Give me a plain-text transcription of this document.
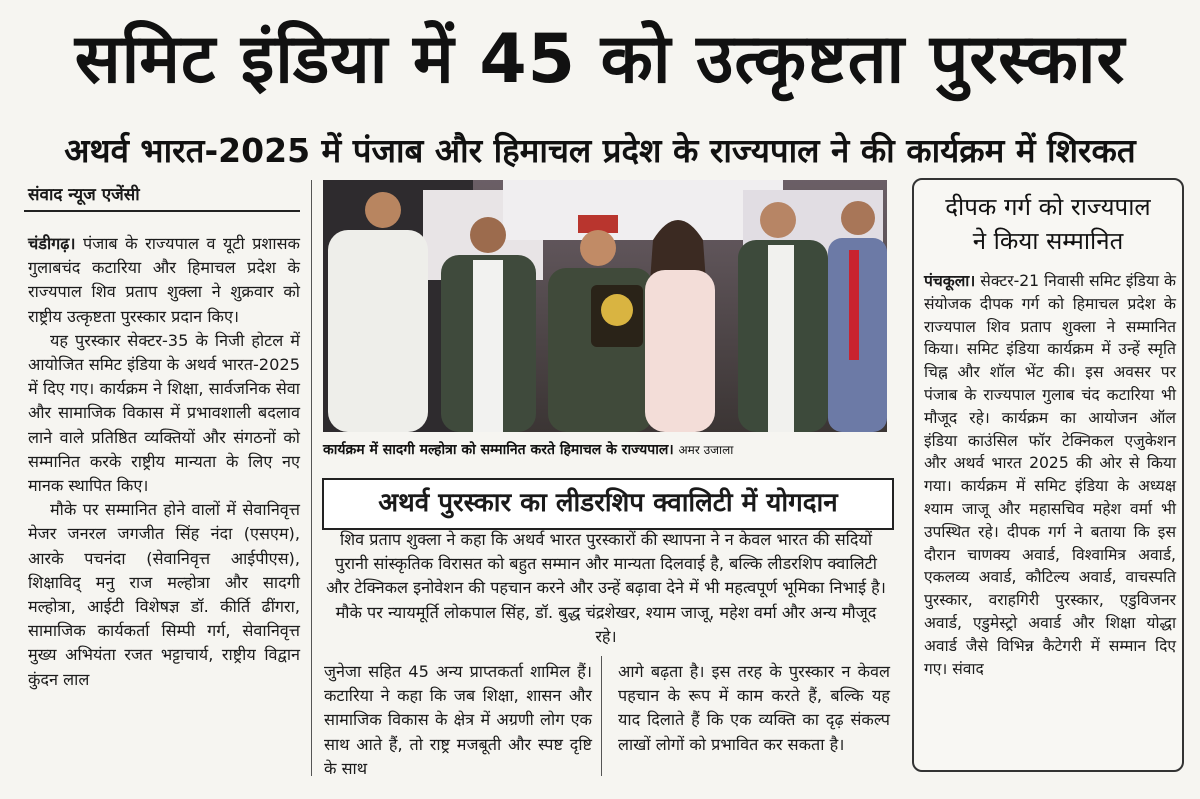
समिट इंडिया में 45 को उत्कृष्टता पुरस्कार
अथर्व भारत-2025 में पंजाब और हिमाचल प्रदेश के राज्यपाल ने की कार्यक्रम में शिरकत
संवाद न्यूज एजेंसी

चंडीगढ़। पंजाब के राज्यपाल व यूटी प्रशासक गुलाबचंद कटारिया और हिमाचल प्रदेश के राज्यपाल शिव प्रताप शुक्ला ने शुक्रवार को राष्ट्रीय उत्कृष्टता पुरस्कार प्रदान किए।

यह पुरस्कार सेक्टर-35 के निजी होटल में आयोजित समिट इंडिया के अथर्व भारत-2025 में दिए गए। कार्यक्रम ने शिक्षा, सार्वजनिक सेवा और सामाजिक विकास में प्रभावशाली बदलाव लाने वाले प्रतिष्ठित व्यक्तियों और संगठनों को सम्मानित करके राष्ट्रीय मान्यता के लिए नए मानक स्थापित किए।

मौके पर सम्मानित होने वालों में सेवानिवृत्त मेजर जनरल जगजीत सिंह नंदा (एसएम), आरके पचनंदा (सेवानिवृत्त आईपीएस), शिक्षाविद् मनु राज मल्होत्रा और सादगी मल्होत्रा, आईटी विशेषज्ञ डॉ. कीर्ति ढींगरा, सामाजिक कार्यकर्ता सिम्पी गर्ग, सेवानिवृत्त मुख्य अभियंता रजत भट्टाचार्य, राष्ट्रीय विद्वान कुंदन लाल

कार्यक्रम में सादगी मल्होत्रा को सम्मानित करते हिमाचल के राज्यपाल। अमर उजाला
अथर्व पुरस्कार का लीडरशिप क्वालिटी में योगदान
शिव प्रताप शुक्ला ने कहा कि अथर्व भारत पुरस्कारों की स्थापना ने न केवल भारत की सदियों पुरानी सांस्कृतिक विरासत को बहुत सम्मान और मान्यता दिलवाई है, बल्कि लीडरशिप क्वालिटी और टेक्निकल इनोवेशन की पहचान करने और उन्हें बढ़ावा देने में भी महत्वपूर्ण भूमिका निभाई है। मौके पर न्यायमूर्ति लोकपाल सिंह, डॉ. बुद्ध चंद्रशेखर, श्याम जाजू, महेश वर्मा और अन्य मौजूद रहे।
जुनेजा सहित 45 अन्य प्राप्तकर्ता शामिल हैं। कटारिया ने कहा कि जब शिक्षा, शासन और सामाजिक विकास के क्षेत्र में अग्रणी लोग एक साथ आते हैं, तो राष्ट्र मजबूती और स्पष्ट दृष्टि के साथ
आगे बढ़ता है। इस तरह के पुरस्कार न केवल पहचान के रूप में काम करते हैं, बल्कि यह याद दिलाते हैं कि एक व्यक्ति का दृढ़ संकल्प लाखों लोगों को प्रभावित कर सकता है।
दीपक गर्ग को राज्यपाल
ने किया सम्मानित
पंचकूला। सेक्टर-21 निवासी समिट इंडिया के संयोजक दीपक गर्ग को हिमाचल प्रदेश के राज्यपाल शिव प्रताप शुक्ला ने सम्मानित किया। समिट इंडिया कार्यक्रम में उन्हें स्मृति चिह्न और शॉल भेंट की। इस अवसर पर पंजाब के राज्यपाल गुलाब चंद कटारिया भी मौजूद रहे। कार्यक्रम का आयोजन ऑल इंडिया काउंसिल फॉर टेक्निकल एजुकेशन और अथर्व भारत 2025 की ओर से किया गया। कार्यक्रम में समिट इंडिया के अध्यक्ष श्याम जाजू और महासचिव महेश वर्मा भी उपस्थित रहे। दीपक गर्ग ने बताया कि इस दौरान चाणक्य अवार्ड, विश्वामित्र अवार्ड, एकलव्य अवार्ड, कौटिल्य अवार्ड, वाचस्पति पुरस्कार, वराहगिरी पुरस्कार, एडुविजनर अवार्ड, एडुमेस्ट्रो अवार्ड और शिक्षा योद्धा अवार्ड जैसे विभिन्न कैटेगरी में सम्मान दिए गए। संवाद
